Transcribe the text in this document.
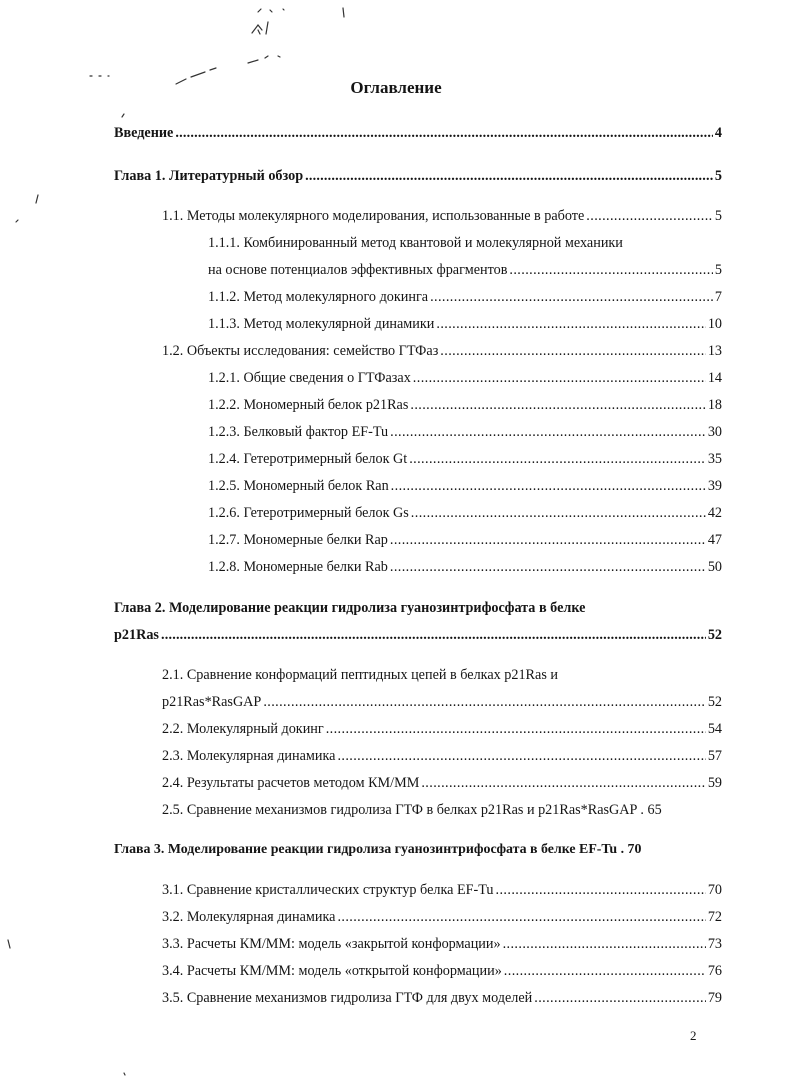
Оглавление
Введение .....	4
Глава 1. Литературный обзор .....	5
1.1. Методы молекулярного моделирования, использованные в работе .....	5
1.1.1. Комбинированный метод квантовой и молекулярной механики
на основе потенциалов эффективных фрагментов .....	5
1.1.2. Метод молекулярного докинга .....	7
1.1.3. Метод молекулярной динамики .....	10
1.2. Объекты исследования: семейство ГТФаз .....	13
1.2.1. Общие сведения о ГТФазах .....	14
1.2.2. Мономерный белок p21Ras .....	18
1.2.3. Белковый фактор EF-Tu .....	30
1.2.4. Гетеротримерный белок Gt .....	35
1.2.5. Мономерный белок Ran .....	39
1.2.6. Гетеротримерный белок Gs .....	42
1.2.7. Мономерные белки Rap .....	47
1.2.8. Мономерные белки Rab .....	50
Глава 2. Моделирование реакции гидролиза гуанозинтрифосфата в белке
p21Ras .....	52
2.1. Сравнение конформаций пептидных цепей в белках p21Ras и
p21Ras*RasGAP .....	52
2.2. Молекулярный докинг .....	54
2.3. Молекулярная динамика .....	57
2.4. Результаты расчетов методом КМ/ММ .....	59
2.5. Сравнение механизмов гидролиза ГТФ в белках p21Ras и p21Ras*RasGAP . 65
Глава 3. Моделирование реакции гидролиза гуанозинтрифосфата в белке EF-Tu . 70
3.1. Сравнение кристаллических структур белка EF-Tu .....	70
3.2. Молекулярная динамика .....	72
3.3. Расчеты КМ/ММ: модель «закрытой конформации» .....	73
3.4. Расчеты КМ/ММ: модель «открытой конформации» .....	76
3.5. Сравнение механизмов гидролиза ГТФ для двух моделей .....	79
2
